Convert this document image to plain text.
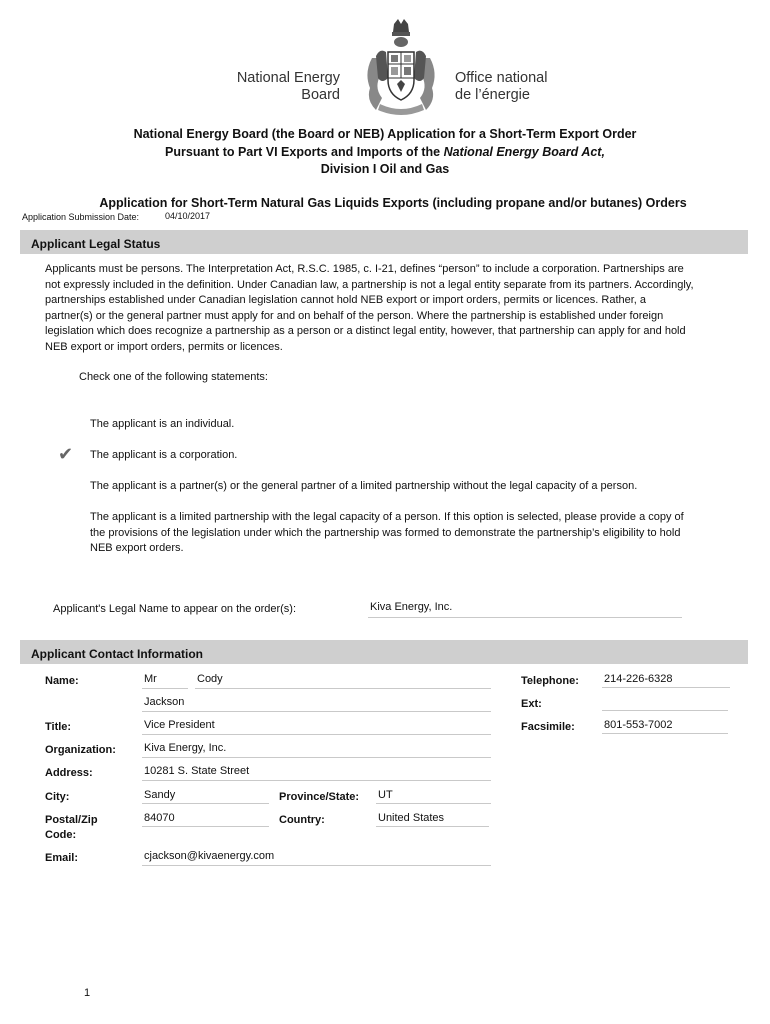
National Energy
Board
Office national
de l’énergie
National Energy Board (the Board or NEB) Application for a Short-Term Export Order
Pursuant to Part VI Exports and Imports of the National Energy Board Act,
Division I Oil and Gas
Application for Short-Term Natural Gas Liquids Exports (including propane and/or butanes) Orders
Application Submission Date:	04/10/2017
Applicant Legal Status
Applicants must be persons. The Interpretation Act, R.S.C. 1985, c. I-21, defines “person” to include a corporation. Partnerships are not expressly included in the definition. Under Canadian law, a partnership is not a legal entity separate from its partners. Accordingly, partnerships established under Canadian legislation cannot hold NEB export or import orders, permits or licences. Rather, a partner(s) or the general partner must apply for and on behalf of the person. Where the partnership is established under foreign legislation which does recognize a partnership as a person or a distinct legal entity, however, that partnership can apply for and hold NEB export or import orders, permits or licences.
Check one of the following statements:
✔
The applicant is an individual.
The applicant is a corporation.
The applicant is a partner(s) or the general partner of a limited partnership without the legal capacity of a person.
The applicant is a limited partnership with the legal capacity of a person. If this option is selected, please provide a copy of the provisions of the legislation under which the partnership was formed to demonstrate the partnership’s eligibility to hold NEB export orders.
Applicant's Legal Name to appear on the order(s):	Kiva Energy, Inc.
Applicant Contact Information
Name:	Mr	Cody
Jackson
Title:	Vice President
Organization:	Kiva Energy, Inc.
Address:	10281 S. State Street
City:	Sandy	Province/State: UT
Postal/Zip
Code:
84070	Country:	United States
Email:	cjackson@kivaenergy.com
Telephone: 214-226-6328
Ext:
Facsimile:	801-553-7002
1
